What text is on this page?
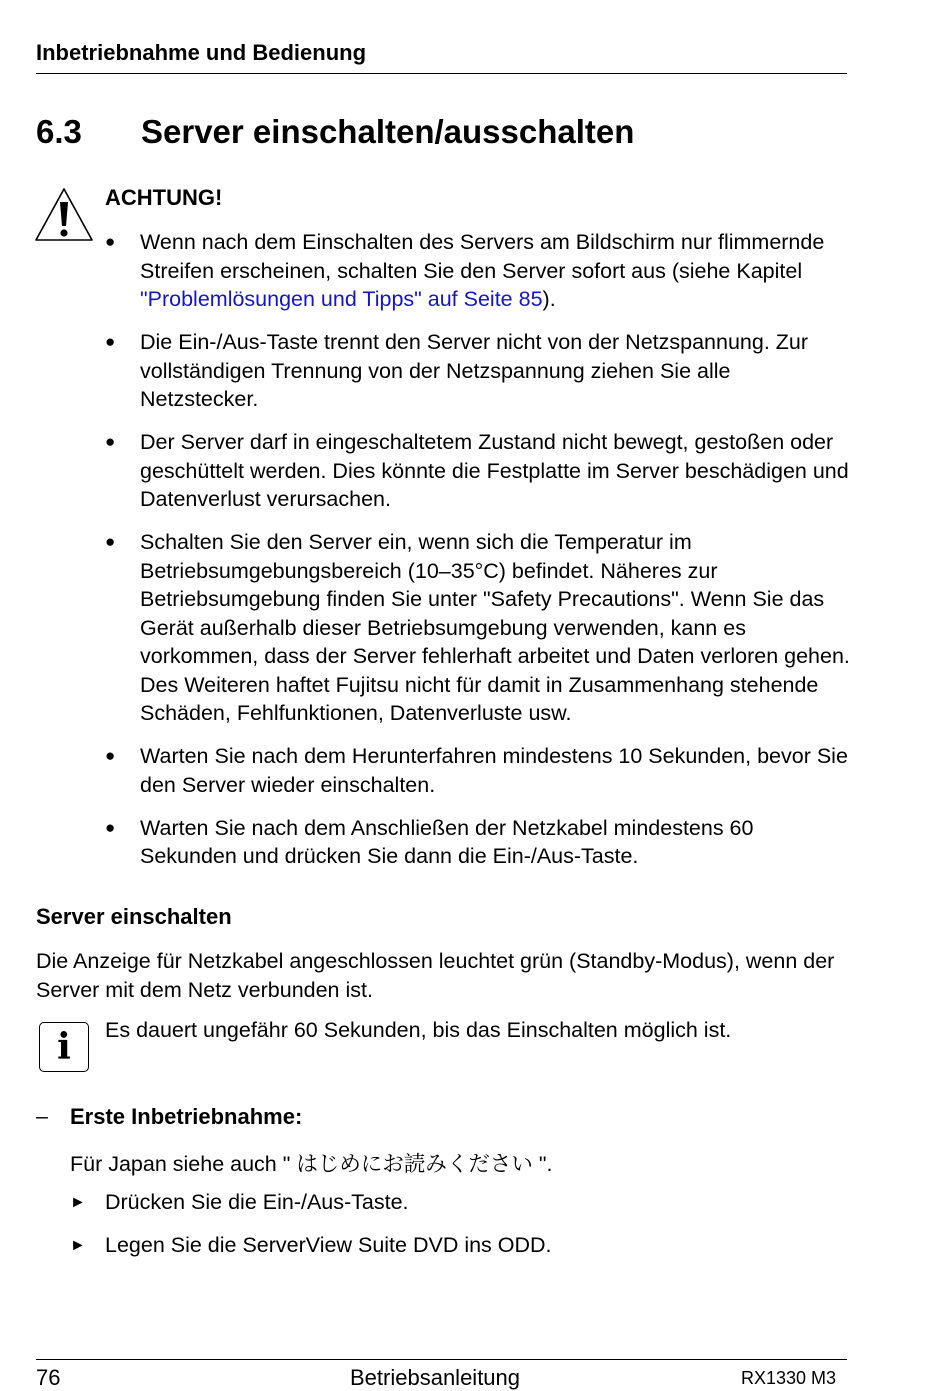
Inbetriebnahme und Bedienung
6.3 Server einschalten/ausschalten
ACHTUNG!
● Wenn nach dem Einschalten des Servers am Bildschirm nur flimmernde Streifen erscheinen, schalten Sie den Server sofort aus (siehe Kapitel "Problemlösungen und Tipps" auf Seite 85).
● Die Ein-/Aus-Taste trennt den Server nicht von der Netzspannung. Zur vollständigen Trennung von der Netzspannung ziehen Sie alle Netzstecker.
● Der Server darf in eingeschaltetem Zustand nicht bewegt, gestoßen oder geschüttelt werden. Dies könnte die Festplatte im Server beschädigen und Datenverlust verursachen.
● Schalten Sie den Server ein, wenn sich die Temperatur im Betriebsumgebungsbereich (10–35°C) befindet. Näheres zur Betriebsumgebung finden Sie unter "Safety Precautions". Wenn Sie das Gerät außerhalb dieser Betriebsumgebung verwenden, kann es vorkommen, dass der Server fehlerhaft arbeitet und Daten verloren gehen. Des Weiteren haftet Fujitsu nicht für damit in Zusammenhang stehende Schäden, Fehlfunktionen, Datenverluste usw.
● Warten Sie nach dem Herunterfahren mindestens 10 Sekunden, bevor Sie den Server wieder einschalten.
● Warten Sie nach dem Anschließen der Netzkabel mindestens 60 Sekunden und drücken Sie dann die Ein-/Aus-Taste.
Server einschalten
Die Anzeige für Netzkabel angeschlossen leuchtet grün (Standby-Modus), wenn der Server mit dem Netz verbunden ist.
i	Es dauert ungefähr 60 Sekunden, bis das Einschalten möglich ist.
– Erste Inbetriebnahme:
Für Japan siehe auch " はじめにお読みください ".
► Drücken Sie die Ein-/Aus-Taste.
► Legen Sie die ServerView Suite DVD ins ODD.
76	Betriebsanleitung	RX1330 M3
